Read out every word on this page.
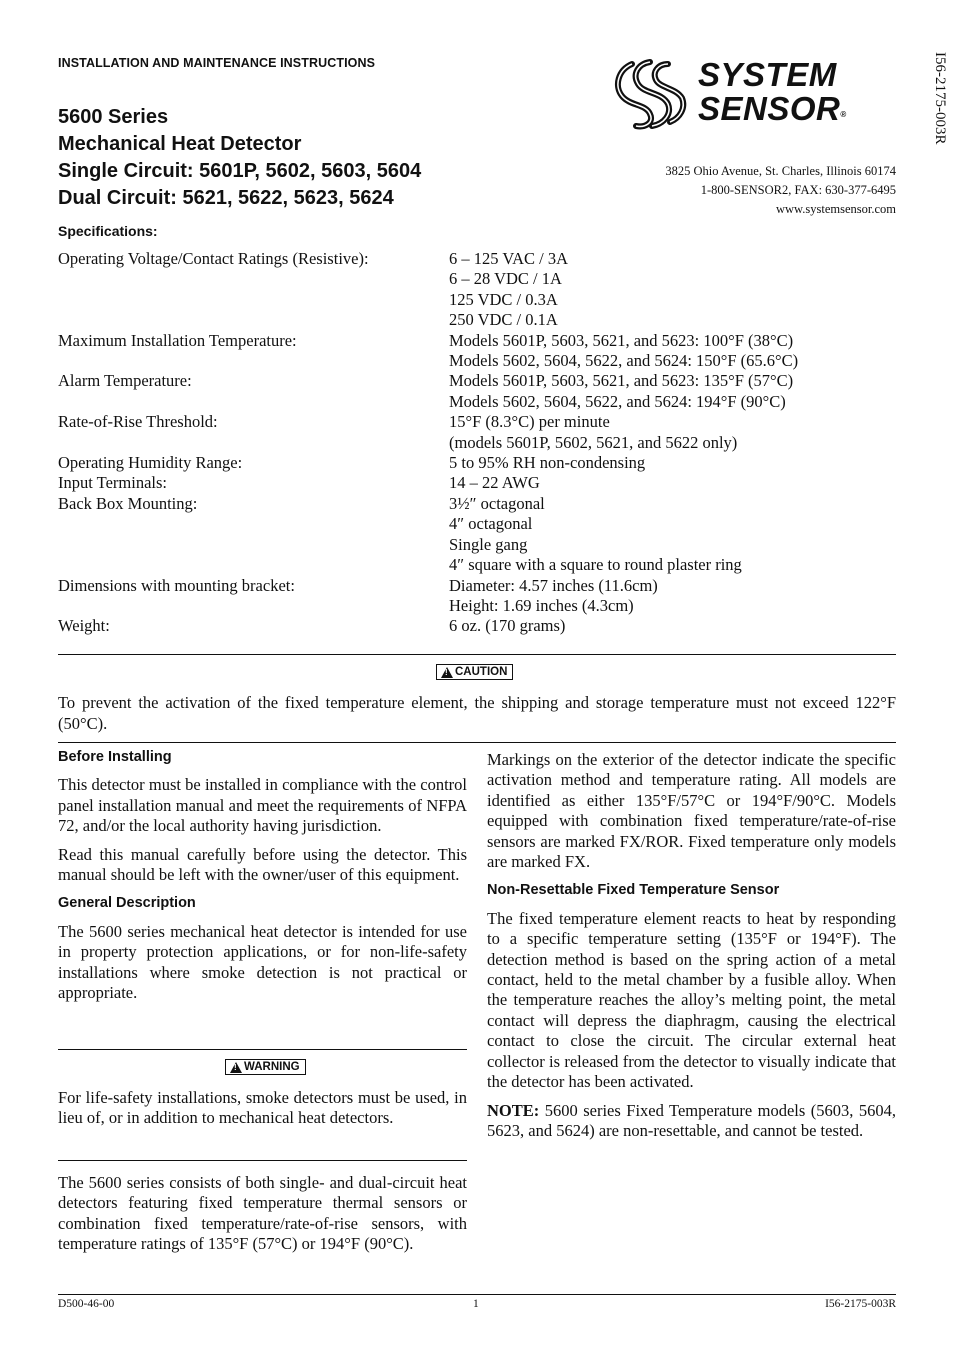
INSTALLATION AND MAINTENANCE INSTRUCTIONS
5600 Series
Mechanical Heat Detector
Single Circuit: 5601P, 5602, 5603, 5604
Dual Circuit: 5621, 5622, 5623, 5624
SYSTEM
SENSOR®
3825 Ohio Avenue, St. Charles, Illinois 60174
1-800-SENSOR2, FAX: 630-377-6495
www.systemsensor.com
I56-2175-003R
Specifications:
Operating Voltage/Contact Ratings (Resistive):	6 – 125 VAC / 3A
6 – 28 VDC / 1A
125 VDC / 0.3A
250 VDC / 0.1A
Maximum Installation Temperature:	Models 5601P, 5603, 5621, and 5623: 100°F (38°C)
Models 5602, 5604, 5622, and 5624: 150°F (65.6°C)
Alarm Temperature:	Models 5601P, 5603, 5621, and 5623: 135°F (57°C)
Models 5602, 5604, 5622, and 5624: 194°F (90°C)
Rate-of-Rise Threshold:	15°F (8.3°C) per minute
(models 5601P, 5602, 5621, and 5622 only)
Operating Humidity Range:	5 to 95% RH non-condensing
Input Terminals:	14 – 22 AWG
Back Box Mounting:	3½″ octagonal
4″ octagonal
Single gang
4″ square with a square to round plaster ring
Dimensions with mounting bracket:	Diameter: 4.57 inches (11.6cm)
Height: 1.69 inches (4.3cm)
Weight:	6 oz. (170 grams)
!
CAUTION
To prevent the activation of the fixed temperature element, the shipping and storage temperature must not exceed 122°F (50°C).
Before Installing

This detector must be installed in compliance with the control panel installation manual and meet the requirements of NFPA 72, and/or the local authority having jurisdiction.

Read this manual carefully before using the detector. This manual should be left with the owner/user of this equipment.

General Description

The 5600 series mechanical heat detector is intended for use in property protection applications, or for non-life-safety installations where smoke detection is not practical or appropriate.

!
WARNING

For life-safety installations, smoke detectors must be used, in lieu of, or in addition to mechanical heat detectors.

The 5600 series consists of both single- and dual-circuit heat detectors featuring fixed temperature thermal sensors or combination fixed temperature/rate-of-rise sensors, with temperature ratings of 135°F (57°C) or 194°F (90°C).

Markings on the exterior of the detector indicate the specific activation method and temperature rating. All models are identified as either 135°F/57°C or 194°F/90°C. Models equipped with combination fixed temperature/rate-of-rise sensors are marked FX/ROR. Fixed temperature only models are marked FX.

Non-Resettable Fixed Temperature Sensor

The fixed temperature element reacts to heat by responding to a specific temperature setting (135°F or 194°F). The detection method is based on the spring action of a metal contact, held to the metal chamber by a fusible alloy. When the temperature reaches the alloy’s melting point, the metal contact will depress the diaphragm, causing the electrical contact to close the circuit. The circular external heat collector is released from the detector to visually indicate that the detector has been activated.

NOTE: 5600 series Fixed Temperature models (5603, 5604, 5623, and 5624) are non-resettable, and cannot be tested.

D500-46-00	1	I56-2175-003R
